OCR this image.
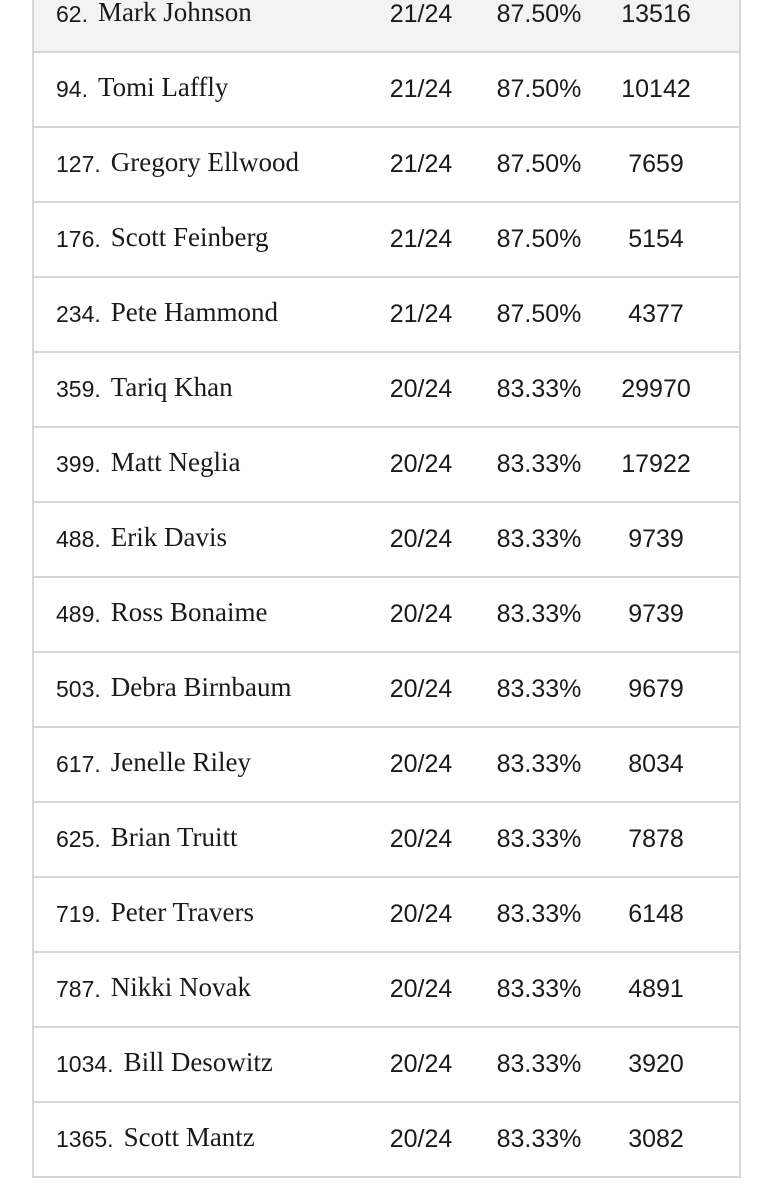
62. Mark Johnson	21/24	87.50%	13516
94. Tomi Laffly	21/24	87.50%	10142
127. Gregory Ellwood	21/24	87.50%	7659
176. Scott Feinberg	21/24	87.50%	5154
234. Pete Hammond	21/24	87.50%	4377
359. Tariq Khan	20/24	83.33%	29970
399. Matt Neglia	20/24	83.33%	17922
488. Erik Davis	20/24	83.33%	9739
489. Ross Bonaime	20/24	83.33%	9739
503. Debra Birnbaum	20/24	83.33%	9679
617. Jenelle Riley	20/24	83.33%	8034
625. Brian Truitt	20/24	83.33%	7878
719. Peter Travers	20/24	83.33%	6148
787. Nikki Novak	20/24	83.33%	4891
1034. Bill Desowitz	20/24	83.33%	3920
1365. Scott Mantz	20/24	83.33%	3082
